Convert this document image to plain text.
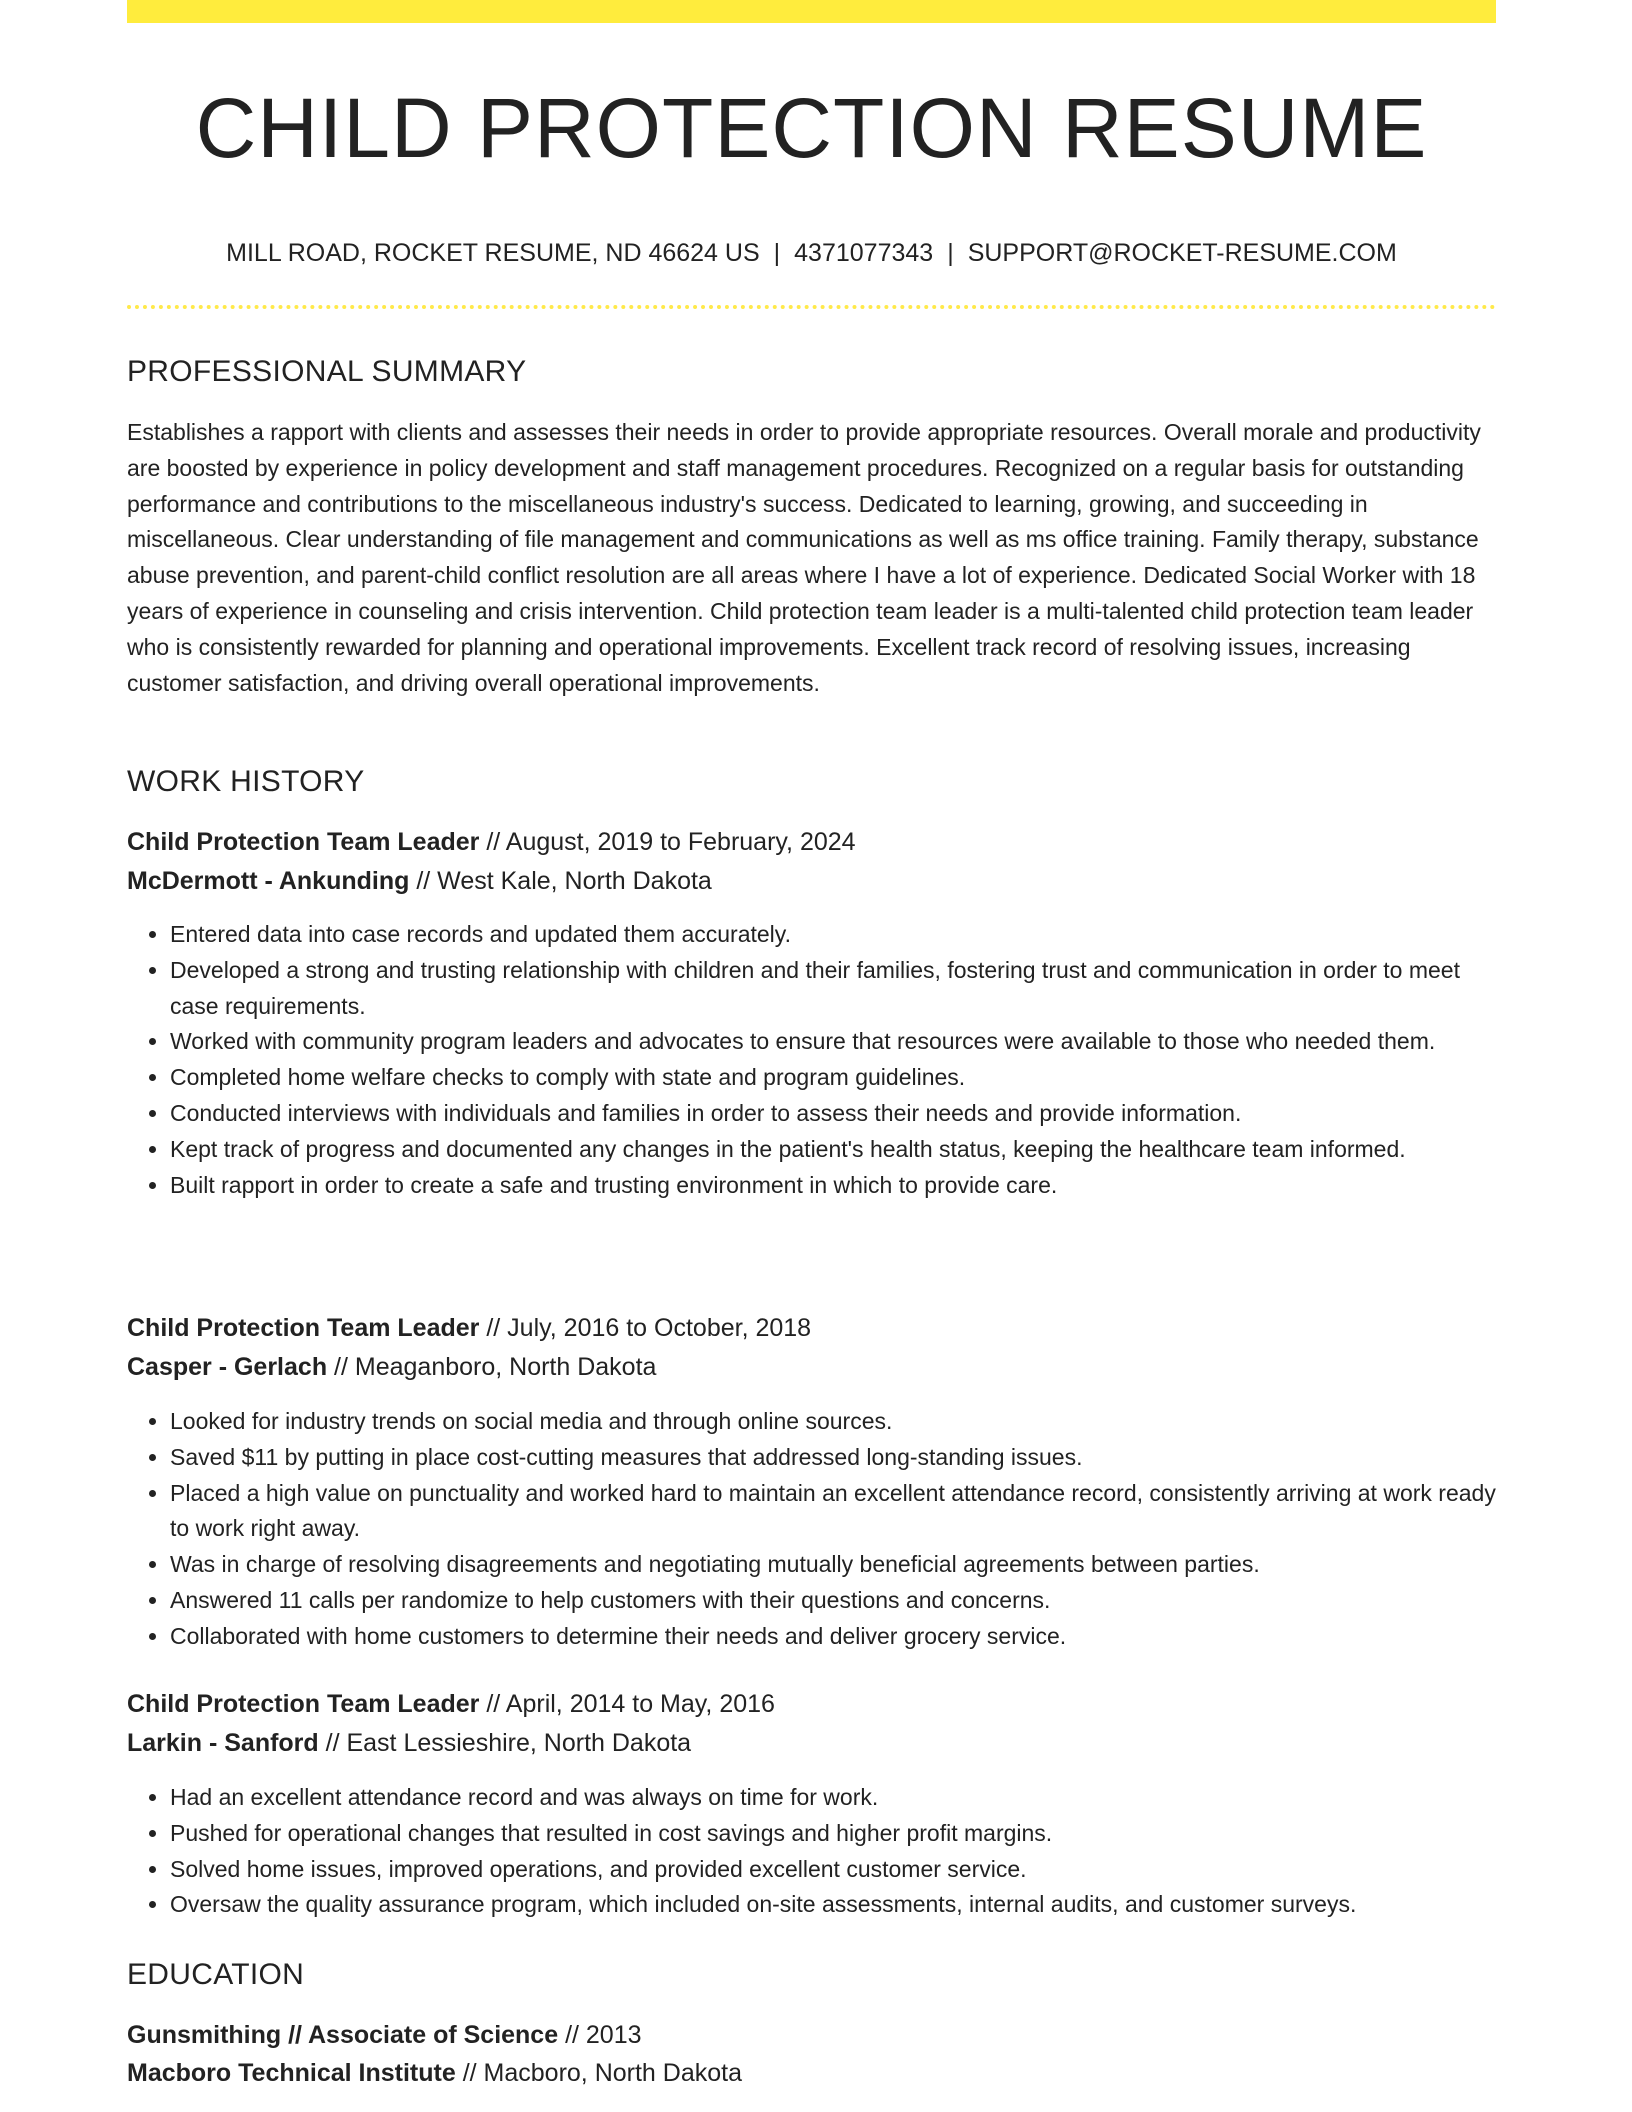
CHILD PROTECTION RESUME
MILL ROAD, ROCKET RESUME, ND 46624 US | 4371077343 | SUPPORT@ROCKET-RESUME.COM
PROFESSIONAL SUMMARY

Establishes a rapport with clients and assesses their needs in order to provide appropriate resources. Overall morale and productivity are boosted by experience in policy development and staff management procedures. Recognized on a regular basis for outstanding performance and contributions to the miscellaneous industry's success. Dedicated to learning, growing, and succeeding in miscellaneous. Clear understanding of file management and communications as well as ms office training. Family therapy, substance abuse prevention, and parent-child conflict resolution are all areas where I have a lot of experience. Dedicated Social Worker with 18 years of experience in counseling and crisis intervention. Child protection team leader is a multi-talented child protection team leader who is consistently rewarded for planning and operational improvements. Excellent track record of resolving issues, increasing customer satisfaction, and driving overall operational improvements.

WORK HISTORY
Child Protection Team Leader // August, 2019 to February, 2024
McDermott - Ankunding // West Kale, North Dakota
• Entered data into case records and updated them accurately.
• Developed a strong and trusting relationship with children and their families, fostering trust and communication in order to meet case requirements.
• Worked with community program leaders and advocates to ensure that resources were available to those who needed them.
• Completed home welfare checks to comply with state and program guidelines.
• Conducted interviews with individuals and families in order to assess their needs and provide information.
• Kept track of progress and documented any changes in the patient's health status, keeping the healthcare team informed.
• Built rapport in order to create a safe and trusting environment in which to provide care.
Child Protection Team Leader // July, 2016 to October, 2018
Casper - Gerlach // Meaganboro, North Dakota
• Looked for industry trends on social media and through online sources.
• Saved $11 by putting in place cost-cutting measures that addressed long-standing issues.
• Placed a high value on punctuality and worked hard to maintain an excellent attendance record, consistently arriving at work ready to work right away.
• Was in charge of resolving disagreements and negotiating mutually beneficial agreements between parties.
• Answered 11 calls per randomize to help customers with their questions and concerns.
• Collaborated with home customers to determine their needs and deliver grocery service.
Child Protection Team Leader // April, 2014 to May, 2016
Larkin - Sanford // East Lessieshire, North Dakota
• Had an excellent attendance record and was always on time for work.
• Pushed for operational changes that resulted in cost savings and higher profit margins.
• Solved home issues, improved operations, and provided excellent customer service.
• Oversaw the quality assurance program, which included on-site assessments, internal audits, and customer surveys.
EDUCATION
Gunsmithing // Associate of Science // 2013
Macboro Technical Institute // Macboro, North Dakota
